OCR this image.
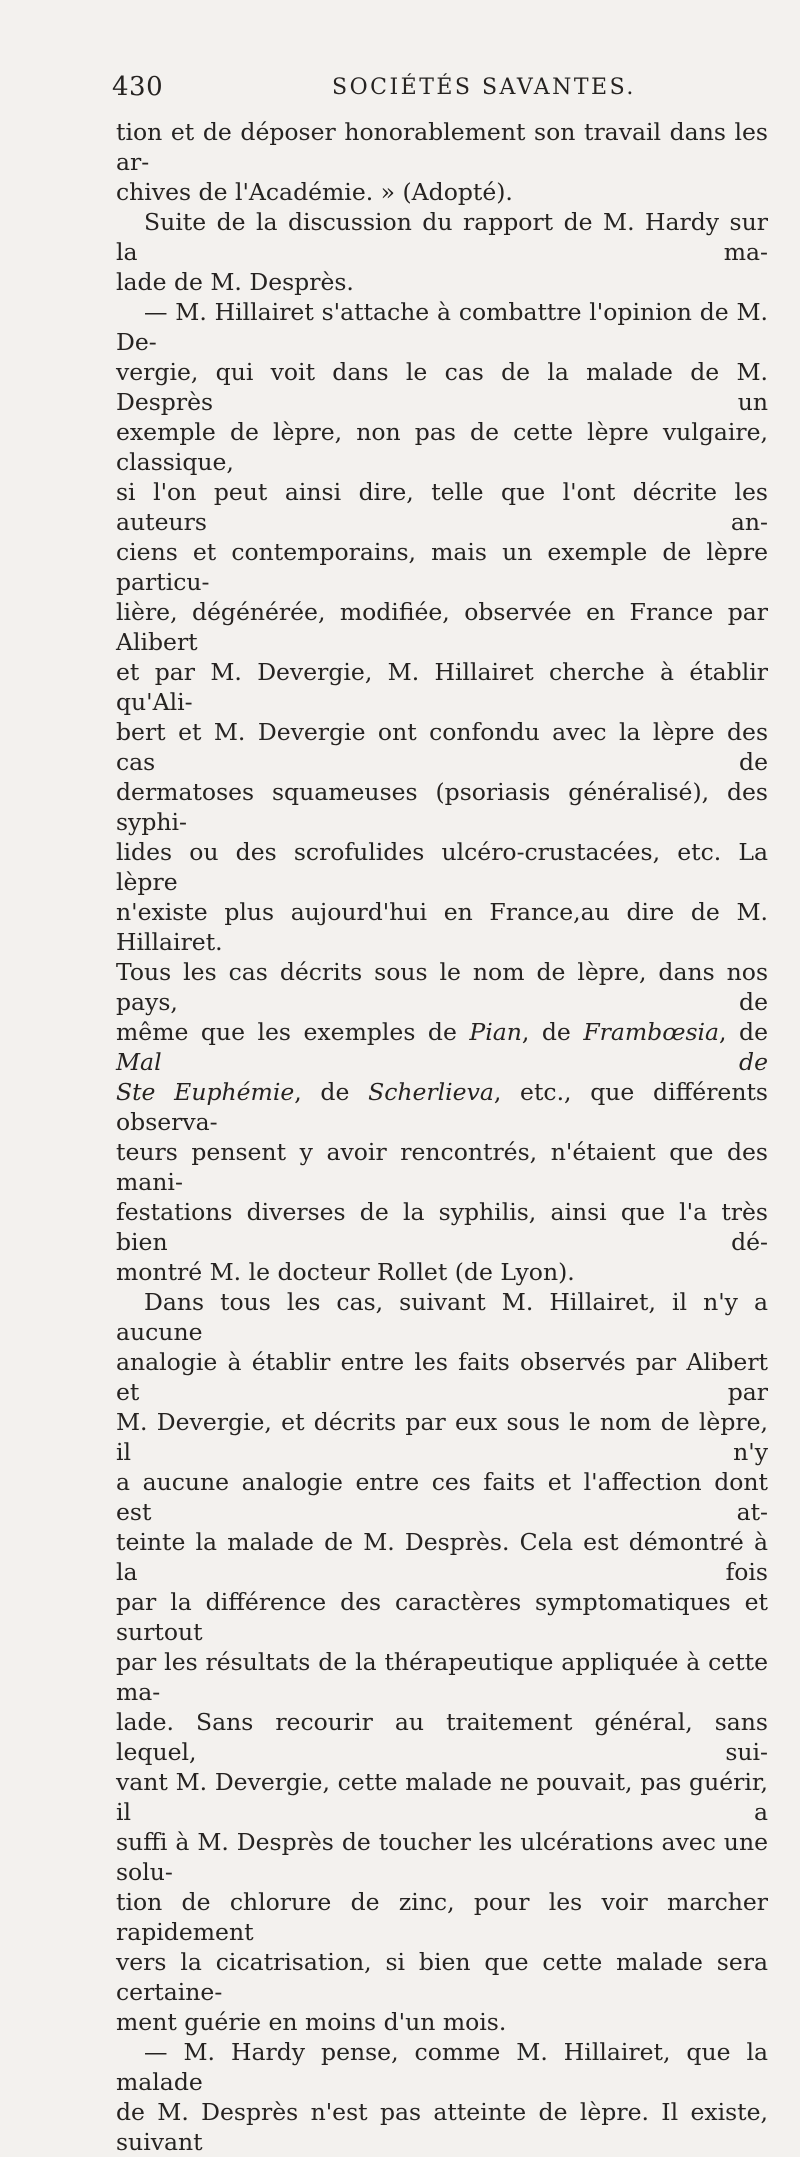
430	SOCIÉTÉS SAVANTES.

tion et de déposer honorablement son travail dans les ar-

chives de l'Académie. » (Adopté).

Suite de la discussion du rapport de M. Hardy sur la ma-

lade de M. Desprès.

— M. Hillairet s'attache à combattre l'opinion de M. De-

vergie, qui voit dans le cas de la malade de M. Desprès un

exemple de lèpre, non pas de cette lèpre vulgaire, classique,

si l'on peut ainsi dire, telle que l'ont décrite les auteurs an-

ciens et contemporains, mais un exemple de lèpre particu-

lière, dégénérée, modifiée, observée en France par Alibert

et par M. Devergie, M. Hillairet cherche à établir qu'Ali-

bert et M. Devergie ont confondu avec la lèpre des cas de

dermatoses squameuses (psoriasis généralisé), des syphi-

lides ou des scrofulides ulcéro-crustacées, etc. La lèpre

n'existe plus aujourd'hui en France,au dire de M. Hillairet.

Tous les cas décrits sous le nom de lèpre, dans nos pays, de

même que les exemples de Pian, de Frambœsia, de Mal de

Ste Euphémie, de Scherlieva, etc., que différents observa-

teurs pensent y avoir rencontrés, n'étaient que des mani-

festations diverses de la syphilis, ainsi que l'a très bien dé-

montré M. le docteur Rollet (de Lyon).

Dans tous les cas, suivant M. Hillairet, il n'y a aucune

analogie à établir entre les faits observés par Alibert et par

M. Devergie, et décrits par eux sous le nom de lèpre, il n'y

a aucune analogie entre ces faits et l'affection dont est at-

teinte la malade de M. Desprès. Cela est démontré à la fois

par la différence des caractères symptomatiques et surtout

par les résultats de la thérapeutique appliquée à cette ma-

lade. Sans recourir au traitement général, sans lequel, sui-

vant M. Devergie, cette malade ne pouvait, pas guérir, il a

suffi à M. Desprès de toucher les ulcérations avec une solu-

tion de chlorure de zinc, pour les voir marcher rapidement

vers la cicatrisation, si bien que cette malade sera certaine-

ment guérie en moins d'un mois.

— M. Hardy pense, comme M. Hillairet, que la malade

de M. Desprès n'est pas atteinte de lèpre. Il existe, suivant
